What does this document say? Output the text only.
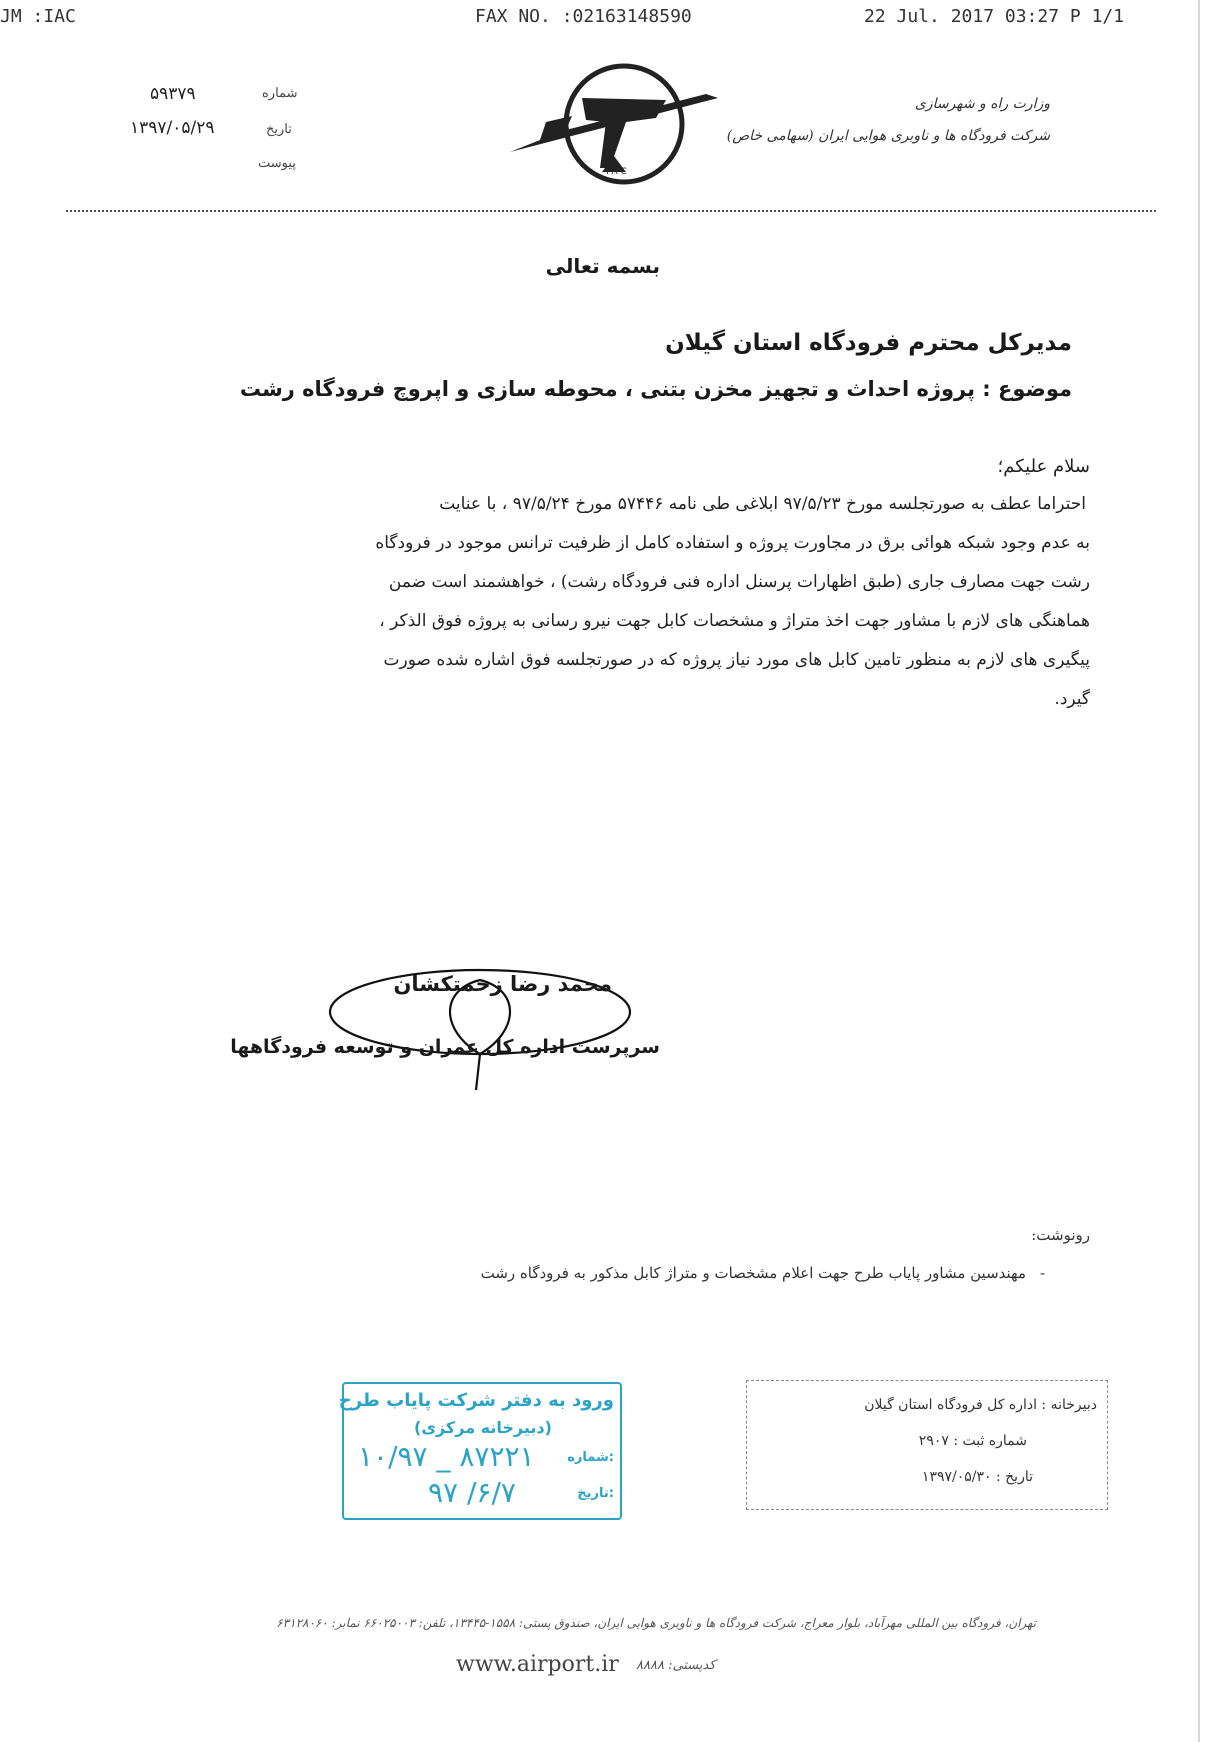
JM :IAC	FAX NO. :02163148590	22 Jul. 2017 03:27 P 1/1
۵۹۳۷۹	شماره
۱۳۹۷/۰۵/۲۹	تاریخ
پیوست
I A C
وزارت راه و شهرسازی
شرکت فرودگاه ها و ناوبری هوایی ایران (سهامی خاص)
بسمه تعالی
مدیرکل محترم فرودگاه استان گیلان
موضوع : پروژه احداث و تجهیز مخزن بتنی ، محوطه سازی و اپروچ فرودگاه رشت
سلام علیکم؛
احتراما عطف به صورتجلسه مورخ ۹۷/۵/۲۳ ابلاغی طی نامه ۵۷۴۴۶ مورخ ۹۷/۵/۲۴ ، با عنایت
به عدم وجود شبکه هوائی برق در مجاورت پروژه و استفاده کامل از ظرفیت ترانس موجود در فرودگاه
رشت جهت مصارف جاری (طبق اظهارات پرسنل اداره فنی فرودگاه رشت) ، خواهشمند است ضمن
هماهنگی های لازم با مشاور جهت اخذ متراژ و مشخصات کابل جهت نیرو رسانی به پروژه فوق الذکر ،
پیگیری های لازم به منظور تامین کابل های مورد نیاز پروژه که در صورتجلسه فوق اشاره شده صورت
گیرد.
محمد رضا زحمتکشان
سرپرست اداره کل عمران و توسعه فرودگاهها
رونوشت:
-
مهندسین مشاور پایاب طرح جهت اعلام مشخصات و متراژ کابل مذکور به فرودگاه رشت
ورود به دفتر شرکت پایاب طرح
(دبیرخانه مرکزی)
شماره:
۱۰/۹۷ _ ۸۷۲۲۱
تاریخ:
۹۷ /۶/۷
دبیرخانه : اداره کل فرودگاه استان گیلان
شماره ثبت : ۲۹۰۷
تاریخ : ۱۳۹۷/۰۵/۳۰
تهران، فرودگاه بین المللی مهرآباد، بلوار معراج، شرکت فرودگاه ها و ناوبری هوایی ایران، صندوق پستی: ۱۵۵۸-۱۳۴۴۵، تلفن: ۶۶۰۲۵۰۰۳ نمابر: ۶۳۱۲۸۰۶۰
www.airport.ir کدپستی: ۸۸۸۸
